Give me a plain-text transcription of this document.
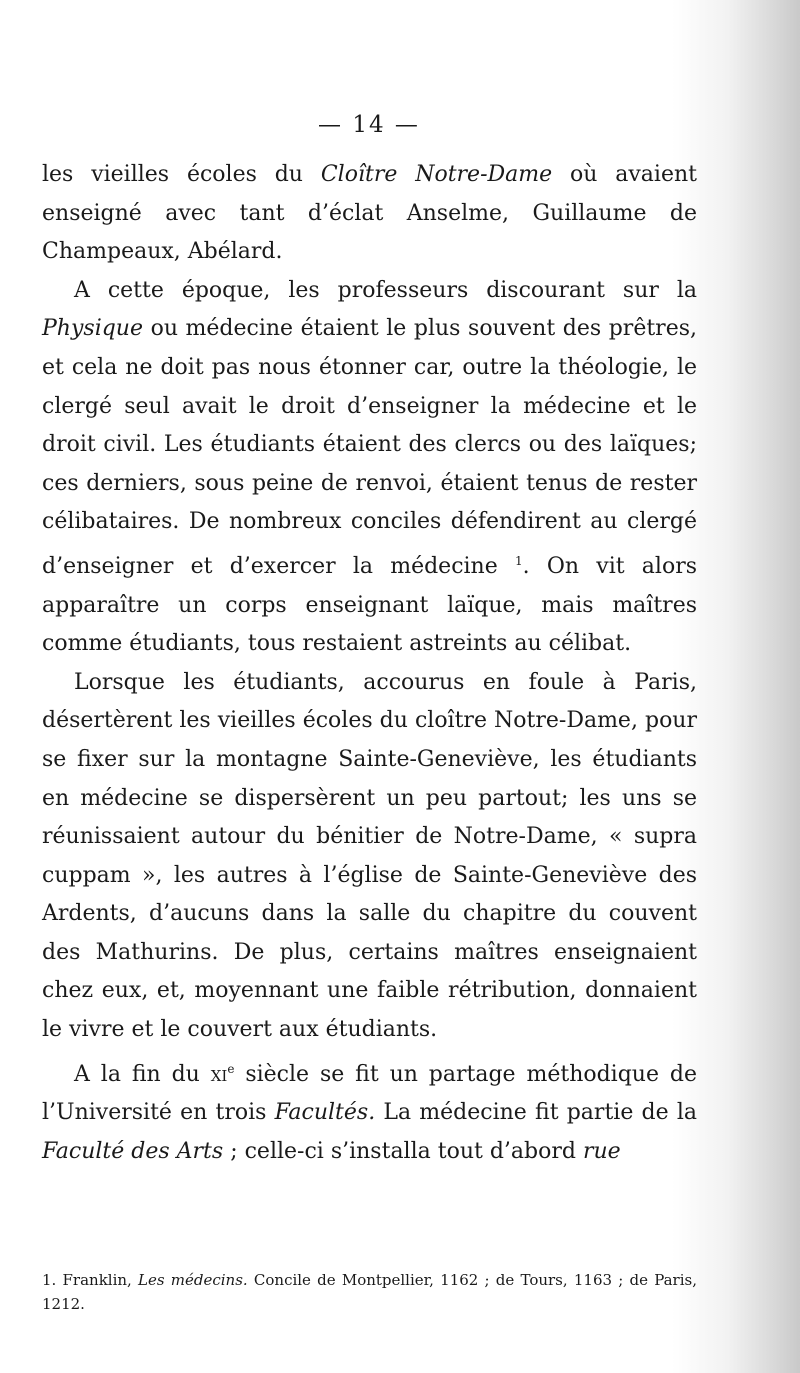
— 14 —

les vieilles écoles du Cloître Notre-Dame où avaient enseigné avec tant d’éclat Anselme, Guillaume de Champeaux, Abélard.

A cette époque, les professeurs discourant sur la Physique ou médecine étaient le plus souvent des prêtres, et cela ne doit pas nous étonner car, outre la théologie, le clergé seul avait le droit d’enseigner la médecine et le droit civil. Les étudiants étaient des clercs ou des laïques; ces derniers, sous peine de renvoi, étaient tenus de rester célibataires. De nombreux conciles défendirent au clergé d’enseigner et d’exercer la médecine $^1$. On vit alors apparaître un corps enseignant laïque, mais maîtres comme étudiants, tous restaient astreints au célibat.

Lorsque les étudiants, accourus en foule à Paris, désertèrent les vieilles écoles du cloître Notre-Dame, pour se fixer sur la montagne Sainte-Geneviève, les étudiants en médecine se dispersèrent un peu partout; les uns se réunissaient autour du bénitier de Notre-Dame, « supra cuppam », les autres à l’église de Sainte-Geneviève des Ardents, d’aucuns dans la salle du chapitre du couvent des Mathurins. De plus, certains maîtres enseignaient chez eux, et, moyennant une faible rétribution, donnaient le vivre et le couvert aux étudiants.

A la fin du $xi^e$ siècle se fit un partage méthodique de l’Université en trois Facultés. La médecine fit partie de la Faculté des Arts ; celle-ci s’installa tout d’abord rue

1. Franklin, Les médecins. Concile de Montpellier, 1162 ; de Tours, 1163 ; de Paris, 1212.
